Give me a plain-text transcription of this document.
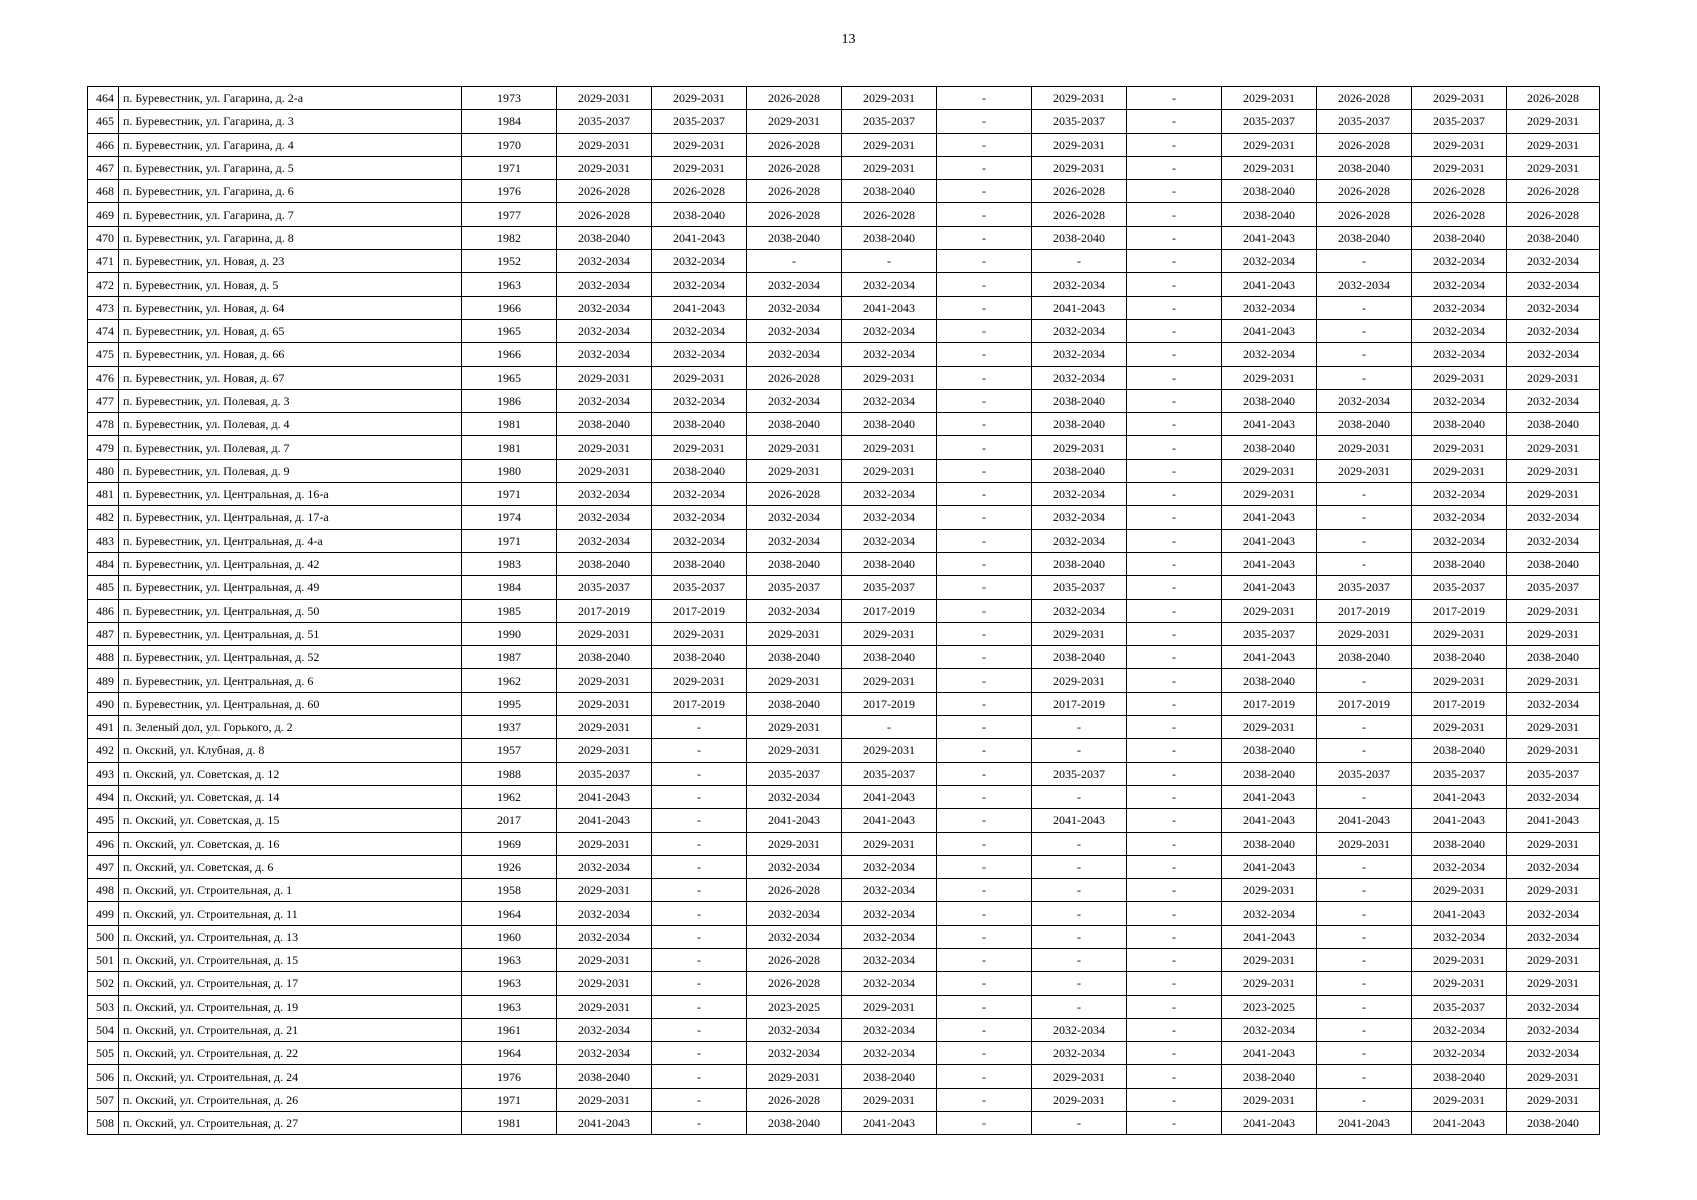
13
464	п. Буревестник, ул. Гагарина, д. 2-а	1973	2029-2031	2029-2031	2026-2028	2029-2031	-	2029-2031	-	2029-2031	2026-2028	2029-2031	2026-2028
465	п. Буревестник, ул. Гагарина, д. 3	1984	2035-2037	2035-2037	2029-2031	2035-2037	-	2035-2037	-	2035-2037	2035-2037	2035-2037	2029-2031
466	п. Буревестник, ул. Гагарина, д. 4	1970	2029-2031	2029-2031	2026-2028	2029-2031	-	2029-2031	-	2029-2031	2026-2028	2029-2031	2029-2031
467	п. Буревестник, ул. Гагарина, д. 5	1971	2029-2031	2029-2031	2026-2028	2029-2031	-	2029-2031	-	2029-2031	2038-2040	2029-2031	2029-2031
468	п. Буревестник, ул. Гагарина, д. 6	1976	2026-2028	2026-2028	2026-2028	2038-2040	-	2026-2028	-	2038-2040	2026-2028	2026-2028	2026-2028
469	п. Буревестник, ул. Гагарина, д. 7	1977	2026-2028	2038-2040	2026-2028	2026-2028	-	2026-2028	-	2038-2040	2026-2028	2026-2028	2026-2028
470	п. Буревестник, ул. Гагарина, д. 8	1982	2038-2040	2041-2043	2038-2040	2038-2040	-	2038-2040	-	2041-2043	2038-2040	2038-2040	2038-2040
471	п. Буревестник, ул. Новая, д. 23	1952	2032-2034	2032-2034	-	-	-	-	-	2032-2034	-	2032-2034	2032-2034
472	п. Буревестник, ул. Новая, д. 5	1963	2032-2034	2032-2034	2032-2034	2032-2034	-	2032-2034	-	2041-2043	2032-2034	2032-2034	2032-2034
473	п. Буревестник, ул. Новая, д. 64	1966	2032-2034	2041-2043	2032-2034	2041-2043	-	2041-2043	-	2032-2034	-	2032-2034	2032-2034
474	п. Буревестник, ул. Новая, д. 65	1965	2032-2034	2032-2034	2032-2034	2032-2034	-	2032-2034	-	2041-2043	-	2032-2034	2032-2034
475	п. Буревестник, ул. Новая, д. 66	1966	2032-2034	2032-2034	2032-2034	2032-2034	-	2032-2034	-	2032-2034	-	2032-2034	2032-2034
476	п. Буревестник, ул. Новая, д. 67	1965	2029-2031	2029-2031	2026-2028	2029-2031	-	2032-2034	-	2029-2031	-	2029-2031	2029-2031
477	п. Буревестник, ул. Полевая, д. 3	1986	2032-2034	2032-2034	2032-2034	2032-2034	-	2038-2040	-	2038-2040	2032-2034	2032-2034	2032-2034
478	п. Буревестник, ул. Полевая, д. 4	1981	2038-2040	2038-2040	2038-2040	2038-2040	-	2038-2040	-	2041-2043	2038-2040	2038-2040	2038-2040
479	п. Буревестник, ул. Полевая, д. 7	1981	2029-2031	2029-2031	2029-2031	2029-2031	-	2029-2031	-	2038-2040	2029-2031	2029-2031	2029-2031
480	п. Буревестник, ул. Полевая, д. 9	1980	2029-2031	2038-2040	2029-2031	2029-2031	-	2038-2040	-	2029-2031	2029-2031	2029-2031	2029-2031
481	п. Буревестник, ул. Центральная, д. 16-а	1971	2032-2034	2032-2034	2026-2028	2032-2034	-	2032-2034	-	2029-2031	-	2032-2034	2029-2031
482	п. Буревестник, ул. Центральная, д. 17-а	1974	2032-2034	2032-2034	2032-2034	2032-2034	-	2032-2034	-	2041-2043	-	2032-2034	2032-2034
483	п. Буревестник, ул. Центральная, д. 4-а	1971	2032-2034	2032-2034	2032-2034	2032-2034	-	2032-2034	-	2041-2043	-	2032-2034	2032-2034
484	п. Буревестник, ул. Центральная, д. 42	1983	2038-2040	2038-2040	2038-2040	2038-2040	-	2038-2040	-	2041-2043	-	2038-2040	2038-2040
485	п. Буревестник, ул. Центральная, д. 49	1984	2035-2037	2035-2037	2035-2037	2035-2037	-	2035-2037	-	2041-2043	2035-2037	2035-2037	2035-2037
486	п. Буревестник, ул. Центральная, д. 50	1985	2017-2019	2017-2019	2032-2034	2017-2019	-	2032-2034	-	2029-2031	2017-2019	2017-2019	2029-2031
487	п. Буревестник, ул. Центральная, д. 51	1990	2029-2031	2029-2031	2029-2031	2029-2031	-	2029-2031	-	2035-2037	2029-2031	2029-2031	2029-2031
488	п. Буревестник, ул. Центральная, д. 52	1987	2038-2040	2038-2040	2038-2040	2038-2040	-	2038-2040	-	2041-2043	2038-2040	2038-2040	2038-2040
489	п. Буревестник, ул. Центральная, д. 6	1962	2029-2031	2029-2031	2029-2031	2029-2031	-	2029-2031	-	2038-2040	-	2029-2031	2029-2031
490	п. Буревестник, ул. Центральная, д. 60	1995	2029-2031	2017-2019	2038-2040	2017-2019	-	2017-2019	-	2017-2019	2017-2019	2017-2019	2032-2034
491	п. Зеленый дол, ул. Горького, д. 2	1937	2029-2031	-	2029-2031	-	-	-	-	2029-2031	-	2029-2031	2029-2031
492	п. Окский, ул. Клубная, д. 8	1957	2029-2031	-	2029-2031	2029-2031	-	-	-	2038-2040	-	2038-2040	2029-2031
493	п. Окский, ул. Советская, д. 12	1988	2035-2037	-	2035-2037	2035-2037	-	2035-2037	-	2038-2040	2035-2037	2035-2037	2035-2037
494	п. Окский, ул. Советская, д. 14	1962	2041-2043	-	2032-2034	2041-2043	-	-	-	2041-2043	-	2041-2043	2032-2034
495	п. Окский, ул. Советская, д. 15	2017	2041-2043	-	2041-2043	2041-2043	-	2041-2043	-	2041-2043	2041-2043	2041-2043	2041-2043
496	п. Окский, ул. Советская, д. 16	1969	2029-2031	-	2029-2031	2029-2031	-	-	-	2038-2040	2029-2031	2038-2040	2029-2031
497	п. Окский, ул. Советская, д. 6	1926	2032-2034	-	2032-2034	2032-2034	-	-	-	2041-2043	-	2032-2034	2032-2034
498	п. Окский, ул. Строительная, д. 1	1958	2029-2031	-	2026-2028	2032-2034	-	-	-	2029-2031	-	2029-2031	2029-2031
499	п. Окский, ул. Строительная, д. 11	1964	2032-2034	-	2032-2034	2032-2034	-	-	-	2032-2034	-	2041-2043	2032-2034
500	п. Окский, ул. Строительная, д. 13	1960	2032-2034	-	2032-2034	2032-2034	-	-	-	2041-2043	-	2032-2034	2032-2034
501	п. Окский, ул. Строительная, д. 15	1963	2029-2031	-	2026-2028	2032-2034	-	-	-	2029-2031	-	2029-2031	2029-2031
502	п. Окский, ул. Строительная, д. 17	1963	2029-2031	-	2026-2028	2032-2034	-	-	-	2029-2031	-	2029-2031	2029-2031
503	п. Окский, ул. Строительная, д. 19	1963	2029-2031	-	2023-2025	2029-2031	-	-	-	2023-2025	-	2035-2037	2032-2034
504	п. Окский, ул. Строительная, д. 21	1961	2032-2034	-	2032-2034	2032-2034	-	2032-2034	-	2032-2034	-	2032-2034	2032-2034
505	п. Окский, ул. Строительная, д. 22	1964	2032-2034	-	2032-2034	2032-2034	-	2032-2034	-	2041-2043	-	2032-2034	2032-2034
506	п. Окский, ул. Строительная, д. 24	1976	2038-2040	-	2029-2031	2038-2040	-	2029-2031	-	2038-2040	-	2038-2040	2029-2031
507	п. Окский, ул. Строительная, д. 26	1971	2029-2031	-	2026-2028	2029-2031	-	2029-2031	-	2029-2031	-	2029-2031	2029-2031
508	п. Окский, ул. Строительная, д. 27	1981	2041-2043	-	2038-2040	2041-2043	-	-	-	2041-2043	2041-2043	2041-2043	2038-2040
